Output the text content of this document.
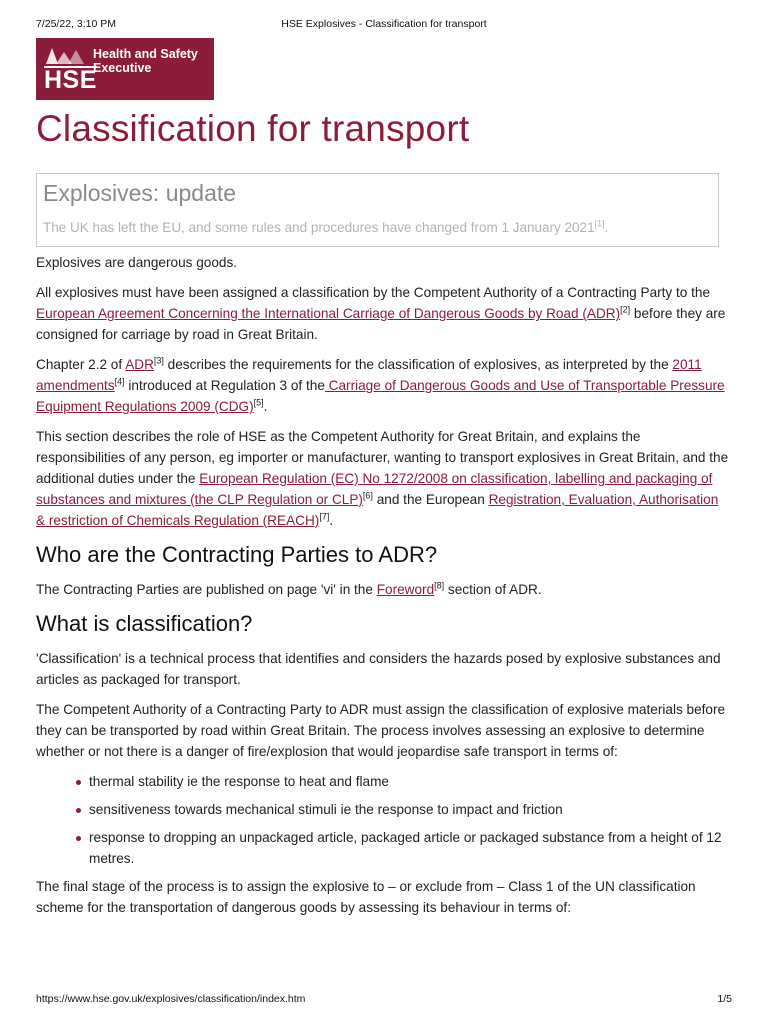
7/25/22, 3:10 PM	HSE Explosives - Classification for transport
Health and Safety
Executive
HSE
Classification for transport
Explosives: update
The UK has left the EU, and some rules and procedures have changed from 1 January 2021[1].

Explosives are dangerous goods.

All explosives must have been assigned a classification by the Competent Authority of a Contracting Party to the
European Agreement Concerning the International Carriage of Dangerous Goods by Road (ADR)[2] before they are consigned for carriage by road in Great Britain.

Chapter 2.2 of ADR[3] describes the requirements for the classification of explosives, as interpreted by the 2011 amendments[4] introduced at Regulation 3 of the Carriage of Dangerous Goods and Use of Transportable Pressure Equipment Regulations 2009 (CDG)[5].

This section describes the role of HSE as the Competent Authority for Great Britain, and explains the responsibilities of any person, eg importer or manufacturer, wanting to transport explosives in Great Britain, and the additional duties under the European Regulation (EC) No 1272/2008 on classification, labelling and packaging of substances and mixtures (the CLP Regulation or CLP)[6] and the European Registration, Evaluation, Authorisation & restriction of Chemicals Regulation (REACH)[7].

Who are the Contracting Parties to ADR?

The Contracting Parties are published on page 'vi' in the Foreword[8] section of ADR.

What is classification?

'Classification' is a technical process that identifies and considers the hazards posed by explosive substances and articles as packaged for transport.

The Competent Authority of a Contracting Party to ADR must assign the classification of explosive materials before they can be transported by road within Great Britain. The process involves assessing an explosive to determine whether or not there is a danger of fire/explosion that would jeopardise safe transport in terms of:

thermal stability ie the response to heat and flame
sensitiveness towards mechanical stimuli ie the response to impact and friction
response to dropping an unpackaged article, packaged article or packaged substance from a height of 12 metres.

The final stage of the process is to assign the explosive to – or exclude from – Class 1 of the UN classification scheme for the transportation of dangerous goods by assessing its behaviour in terms of:

https://www.hse.gov.uk/explosives/classification/index.htm	1/5
